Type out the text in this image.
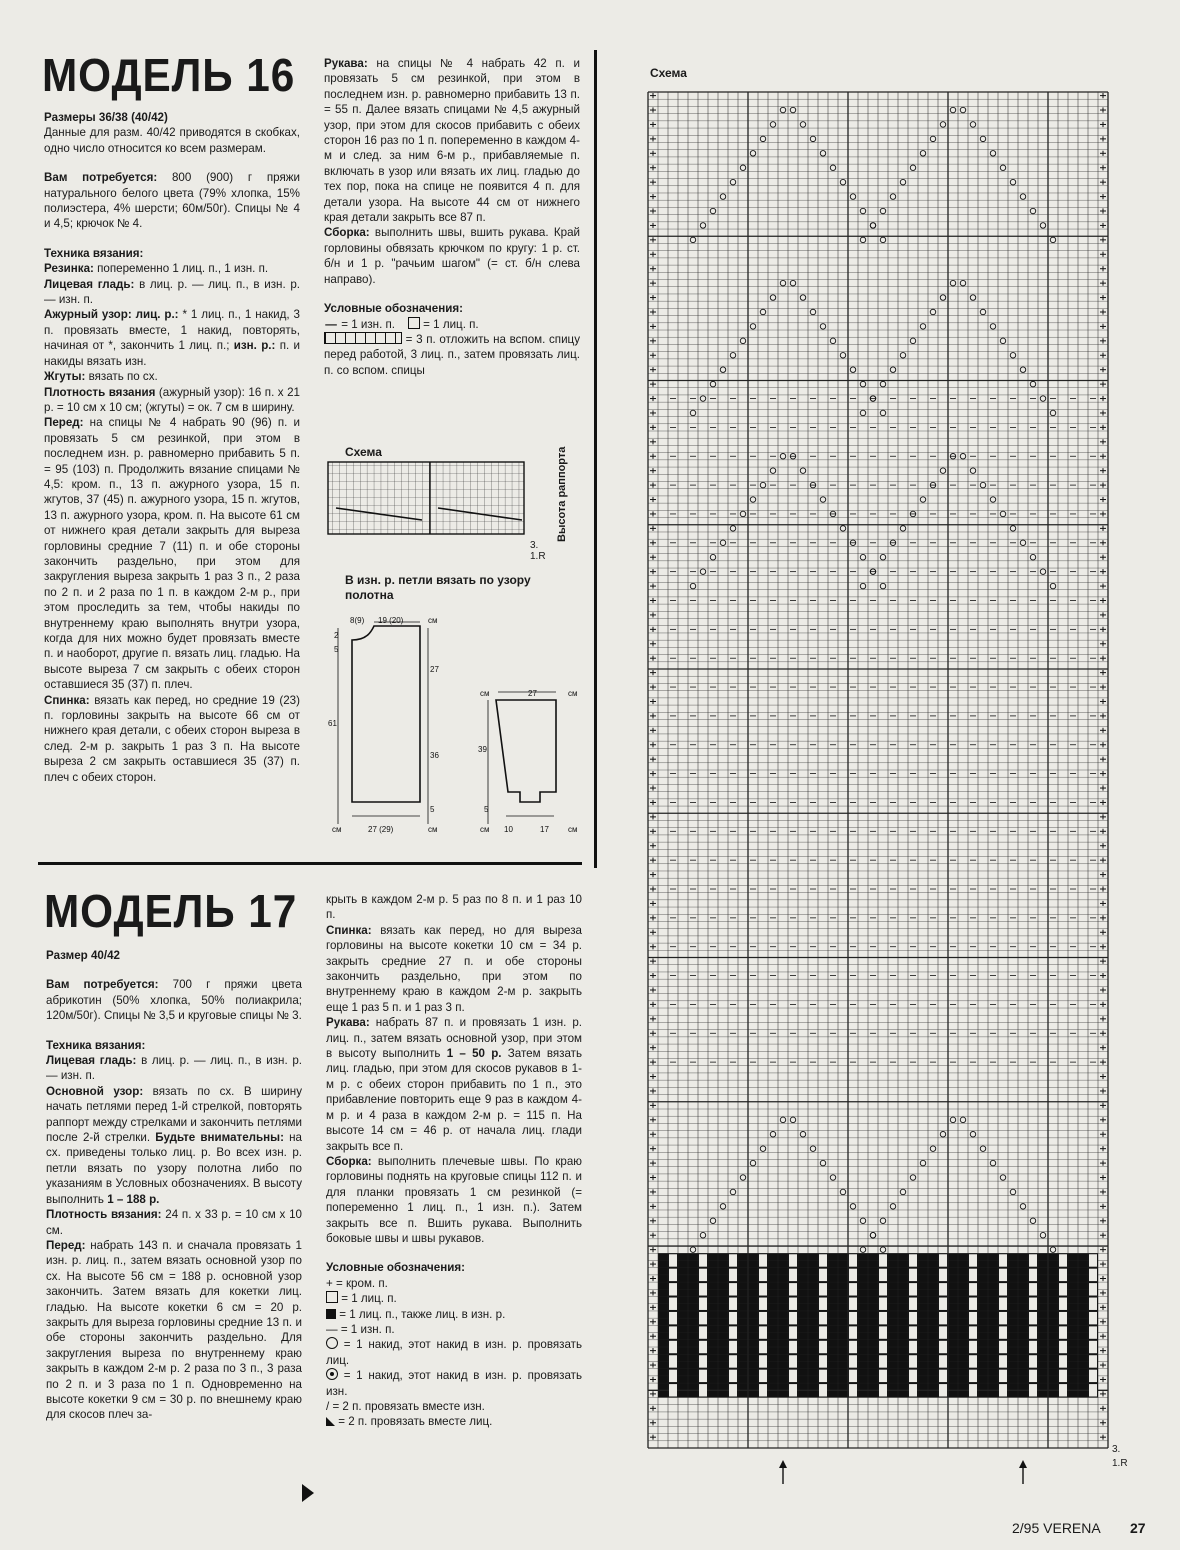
МОДЕЛЬ 16

Размеры 36/38 (40/42)

Данные для разм. 40/42 приводятся в скобках, одно число относится ко всем размерам.

Вам потребуется: 800 (900) г пряжи натурального белого цвета (79% хлопка, 15% полиэстера, 4% шерсти; 60м/50г). Спицы № 4 и 4,5; крючок № 4.

Техника вязания:

Резинка: попеременно 1 лиц. п., 1 изн. п.

Лицевая гладь: в лиц. р. — лиц. п., в изн. р. — изн. п.

Ажурный узор: лиц. р.: * 1 лиц. п., 1 накид, 3 п. провязать вместе, 1 накид, повторять, начиная от *, закончить 1 лиц. п.; изн. р.: п. и накиды вязать изн.

Жгуты: вязать по сх.

Плотность вязания (ажурный узор): 16 п. x 21 р. = 10 см x 10 см; (жгуты) = ок. 7 см в ширину.

Перед: на спицы № 4 набрать 90 (96) п. и провязать 5 см резинкой, при этом в последнем изн. р. равномерно прибавить 5 п. = 95 (103) п. Продолжить вязание спицами № 4,5: кром. п., 13 п. ажурного узора, 15 п. жгутов, 37 (45) п. ажурного узора, 15 п. жгутов, 13 п. ажурного узора, кром. п. На высоте 61 см от нижнего края детали закрыть для выреза горловины средние 7 (11) п. и обе стороны закончить раздельно, при этом для закругления выреза закрыть 1 раз 3 п., 2 раза по 2 п. и 2 раза по 1 п. в каждом 2-м р., при этом проследить за тем, чтобы накиды по внутреннему краю выполнять внутри узора, когда для них можно будет провязать вместе п. и наоборот, другие п. вязать лиц. гладью. На высоте выреза 7 см закрыть с обеих сторон оставшиеся 35 (37) п. плеч.

Спинка: вязать как перед, но средние 19 (23) п. горловины закрыть на высоте 66 см от нижнего края детали, с обеих сторон выреза в след. 2-м р. закрыть 1 раз 3 п. На высоте выреза 2 см закрыть оставшиеся 35 (37) п. плеч с обеих сторон.

Рукава: на спицы № 4 набрать 42 п. и провязать 5 см резинкой, при этом в последнем изн. р. равномерно прибавить 13 п. = 55 п. Далее вязать спицами № 4,5 ажурный узор, при этом для скосов прибавить с обеих сторон 16 раз по 1 п. попеременно в каждом 4-м и след. за ним 6-м р., прибавляемые п. включать в узор или вязать их лиц. гладью до тех пор, пока на спице не появится 4 п. для детали узора. На высоте 44 см от нижнего края детали закрыть все 87 п.

Сборка: выполнить швы, вшить рукава. Край горловины обвязать крючком по кругу: 1 р. ст. б/н и 1 р. "рачьим шагом" (= ст. б/н слева направо).

Условные обозначения:

— = 1 изн. п. = 1 лиц. п.

= 3 п. отложить на вспом. спицу перед работой, 3 лиц. п., затем провязать лиц. п. со вспом. спицы

Схема	Высота раппорта
3.
1.R
В изн. р. петли вязать по узору полотна
8(9) 19 (20)	см
2
5
27
61
36
5
см	27 (29)	см
см	27	см
39
5
см 10	17 см
МОДЕЛЬ 17

Размер 40/42

Вам потребуется: 700 г пряжи цвета абрикотин (50% хлопка, 50% полиакрила; 120м/50г). Спицы № 3,5 и круговые спицы № 3.

Техника вязания:

Лицевая гладь: в лиц. р. — лиц. п., в изн. р. — изн. п.

Основной узор: вязать по сх. В ширину начать петлями перед 1-й стрелкой, повторять раппорт между стрелками и закончить петлями после 2-й стрелки. Будьте внимательны: на сх. приведены только лиц. р. Во всех изн. р. петли вязать по узору полотна либо по указаниям в Условных обозначениях. В высоту выполнить 1 – 188 р.

Плотность вязания: 24 п. x 33 р. = 10 см x 10 см.

Перед: набрать 143 п. и сначала провязать 1 изн. р. лиц. п., затем вязать основной узор по сх. На высоте 56 см = 188 р. основной узор закончить. Затем вязать для кокетки лиц. гладью. На высоте кокетки 6 см = 20 р. закрыть для выреза горловины средние 13 п. и обе стороны закончить раздельно. Для закругления выреза по внутреннему краю закрыть в каждом 2-м р. 2 раза по 3 п., 3 раза по 2 п. и 3 раза по 1 п. Одновременно на высоте кокетки 9 см = 30 р. по внешнему краю для скосов плеч за-

крыть в каждом 2-м р. 5 раз по 8 п. и 1 раз 10 п.

Спинка: вязать как перед, но для выреза горловины на высоте кокетки 10 см = 34 р. закрыть средние 27 п. и обе стороны закончить раздельно, при этом по внутреннему краю в каждом 2-м р. закрыть еще 1 раз 5 п. и 1 раз 3 п.

Рукава: набрать 87 п. и провязать 1 изн. р. лиц. п., затем вязать основной узор, при этом в высоту выполнить 1 – 50 р. Затем вязать лиц. гладью, при этом для скосов рукавов в 1-м р. с обеих сторон прибавить по 1 п., это прибавление повторить еще 9 раз в каждом 4-м р. и 4 раза в каждом 2-м р. = 115 п. На высоте 14 см = 46 р. от начала лиц. глади закрыть все п.

Сборка: выполнить плечевые швы. По краю горловины поднять на круговые спицы 112 п. и для планки провязать 1 см резинкой (= попеременно 1 лиц. п., 1 изн. п.). Затем закрыть все п. Вшить рукава. Выполнить боковые швы и швы рукавов.

Условные обозначения:

+ = кром. п.

= 1 лиц. п.

= 1 лиц. п., также лиц. в изн. р.

— = 1 изн. п.

= 1 накид, этот накид в изн. р. провязать лиц.

= 1 накид, этот накид в изн. р. провязать изн.

/ = 2 п. провязать вместе изн.

= 2 п. провязать вместе лиц.

Схема
3.
1.R
2/95 VERENA 27
